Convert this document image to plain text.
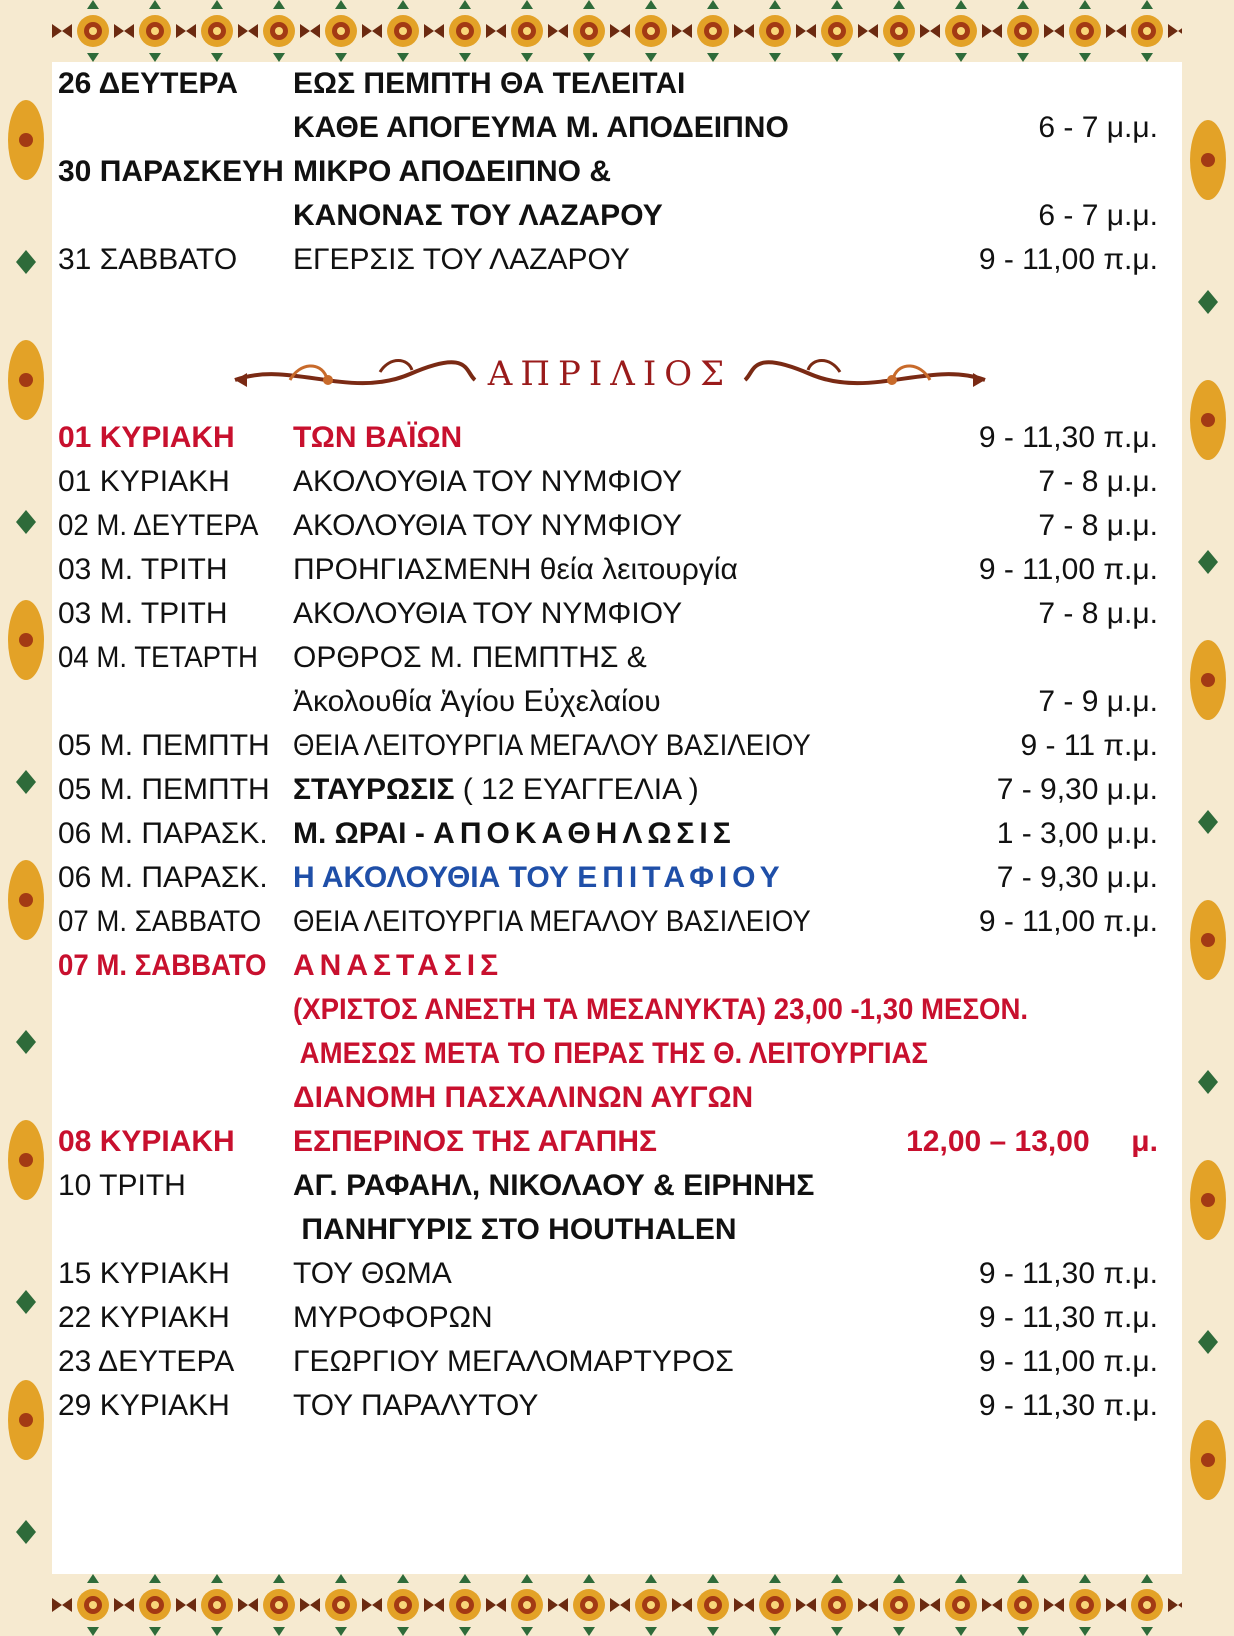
26 ΔΕΥΤΕΡΑ ΕΩΣ ΠΕΜΠΤΗ ΘΑ ΤΕΛΕΙΤΑΙ
ΚΑΘΕ ΑΠΟΓΕΥΜΑ Μ. ΑΠΟΔΕΙΠΝΟ	6 - 7 μ.μ.
30 ΠΑΡΑΣΚΕΥΗ ΜΙΚΡΟ ΑΠΟΔΕΙΠΝΟ &
ΚΑΝΟΝΑΣ ΤΟΥ ΛΑΖΑΡΟΥ	6 - 7 μ.μ.
31 ΣΑΒΒΑΤΟ ΕΓΕΡΣΙΣ ΤΟΥ ΛΑΖΑΡΟΥ	9 - 11,00 π.μ.
ΑΠΡΙΛΙΟΣ
01 ΚΥΡΙΑΚΗ ΤΩΝ ΒΑΪΩΝ	9 - 11,30 π.μ.
01 ΚΥΡΙΑΚΗ ΑΚΟΛΟΥΘΙΑ ΤΟΥ ΝΥΜΦΙΟΥ	7 - 8 μ.μ.
02 Μ. ΔΕΥΤΕΡΑ ΑΚΟΛΟΥΘΙΑ ΤΟΥ ΝΥΜΦΙΟΥ	7 - 8 μ.μ.
03 Μ. ΤΡΙΤΗ ΠΡΟΗΓΙΑΣΜΕΝΗ θεία λειτουργία	9 - 11,00 π.μ.
03 Μ. ΤΡΙΤΗ ΑΚΟΛΟΥΘΙΑ ΤΟΥ ΝΥΜΦΙΟΥ	7 - 8 μ.μ.
04 Μ. ΤΕΤΑΡΤΗ ΟΡΘΡΟΣ Μ. ΠΕΜΠΤΗΣ &
Ἀκολουθία Ἁγίου Εὐχελαίου	7 - 9 μ.μ.
05 Μ. ΠΕΜΠΤΗ ΘΕΙΑ ΛΕΙΤΟΥΡΓΙΑ ΜΕΓΑΛΟΥ ΒΑΣΙΛΕΙΟΥ	9 - 11 π.μ.
05 Μ. ΠΕΜΠΤΗ ΣΤΑΥΡΩΣΙΣ ( 12 ΕΥΑΓΓΕΛΙΑ )	7 - 9,30 μ.μ.
06 Μ. ΠΑΡΑΣΚ. Μ. ΩΡΑΙ - ΑΠΟΚΑΘΗΛΩΣΙΣ	1 - 3,00 μ.μ.
06 Μ. ΠΑΡΑΣΚ. Η ΑΚΟΛΟΥΘΙΑ ΤΟΥ ΕΠΙΤΑΦΙΟΥ	7 - 9,30 μ.μ.
07 Μ. ΣΑΒΒΑΤΟ ΘΕΙΑ ΛΕΙΤΟΥΡΓΙΑ ΜΕΓΑΛΟΥ ΒΑΣΙΛΕΙΟΥ	9 - 11,00 π.μ.
07 Μ. ΣΑΒΒΑΤΟ ΑΝΑΣΤΑΣΙΣ
(ΧΡΙΣΤΟΣ ΑΝΕΣΤΗ ΤΑ ΜΕΣΑΝΥΚΤΑ) 23,00 -1,30 ΜΕΣΟΝ.
ΑΜΕΣΩΣ ΜΕΤΑ ΤΟ ΠΕΡΑΣ ΤΗΣ Θ. ΛΕΙΤΟΥΡΓΙΑΣ
ΔΙΑΝΟΜΗ ΠΑΣΧΑΛΙΝΩΝ ΑΥΓΩΝ
08 ΚΥΡΙΑΚΗ ΕΣΠΕΡΙΝΟΣ ΤΗΣ ΑΓΑΠΗΣ	12,00 – 13,00     μ.
10 ΤΡΙΤΗ	ΑΓ. ΡΑΦΑΗΛ, ΝΙΚΟΛΑΟΥ & ΕΙΡΗΝΗΣ
ΠΑΝΗΓΥΡΙΣ ΣΤΟ HOUTHALEN
15 ΚΥΡΙΑΚΗ ΤΟΥ ΘΩΜΑ	9 - 11,30 π.μ.
22 ΚΥΡΙΑΚΗ ΜΥΡΟΦΟΡΩΝ	9 - 11,30 π.μ.
23 ΔΕΥΤΕΡΑ ΓΕΩΡΓΙΟΥ ΜΕΓΑΛΟΜΑΡΤΥΡΟΣ	9 - 11,00 π.μ.
29 ΚΥΡΙΑΚΗ ΤΟΥ ΠΑΡΑΛΥΤΟΥ	9 - 11,30 π.μ.
